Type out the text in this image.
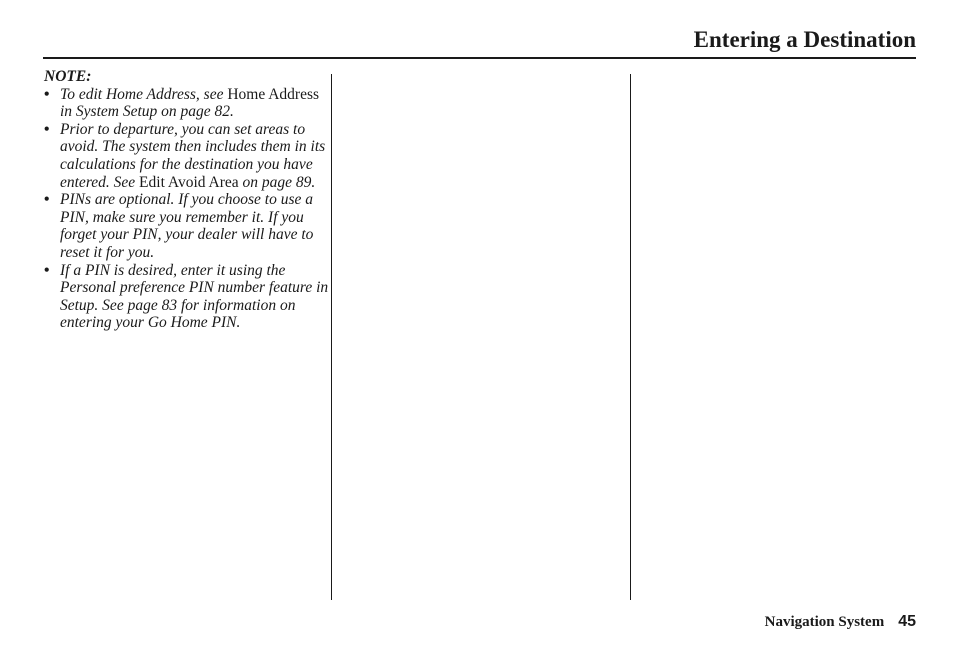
Entering a Destination
NOTE:
• To edit Home Address, see Home Address in System Setup on page 82.
• Prior to departure, you can set areas to avoid. The system then includes them in its calculations for the destination you have entered. See Edit Avoid Area on page 89.
• PINs are optional. If you choose to use a PIN, make sure you remember it. If you forget your PIN, your dealer will have to reset it for you.
• If a PIN is desired, enter it using the Personal preference PIN number feature in Setup. See page 83 for information on entering your Go Home PIN.
Navigation System 45
